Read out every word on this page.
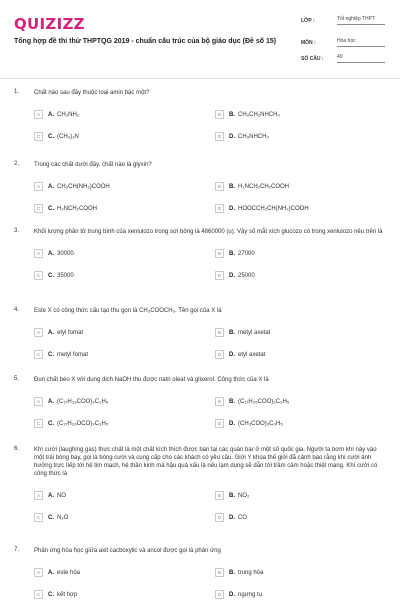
QUIZIZZ
Tổng hợp đề thi thử THPTQG 2019 - chuẩn cấu trúc của bộ giáo dục (Đề số 15)
LỚP :	Tốt nghiệp THPT
MÔN :	Hóa học
SỐ CÂU :	40
1. Chất nào sau đây thuộc loại amin bậc một?
A	A. CH₃NH₂	B	B. CH₃CH₂NHCH₃
C	C. (CH₃)₃N	D	D. CH₃NHCH₃
2. Trong các chất dưới đây, chất nào là glyxin?
A	A. CH₃CH(NH₂)COOH	B	B. H₂NCH₂CH₂COOH
C	C. H₂NCH₂COOH	D	D. HOOCCH₂CH(NH₂)COOH
3. Khối lượng phân tử trung bình của xenlulozo trong sợi bông là 4860000 (u). Vậy số mắt xích glucozo có trong xenlulozo nêu trên là
A	A. 30000	B	B. 27000
C	C. 35000	D	D. 25000
4. Este X có công thức cấu tạo thu gọn là CH₃COOCH₃. Tên gọi của X là
A	A. etyl fomat	B	B. metyl axetat
C	C. metyl fomat	D	D. etyl axetat
5. Đun chất béo X với dung dịch NaOH thu được natri oleat và glixerol. Công thức của X là
A	A. (C₁₇H₃₃COO)₃C₃H₅	B	B. (C₁₇H₃₅COO)₃C₃H₅
C	C. (C₁₇H₃₃OCO)₃C₃H₅	D	D. (CH₃COO)₃C₃H₅
6. Khí cười (laughing gas) thực chất là một chất kích thích được bán tại các quán bar ở một số quốc gia. Người ta bơm khí này vào một trái bóng bay, gọi là bóng cười và cung cấp cho các khách có yêu cầu. Giới Y khoa thế giới đã cảnh báo rằng khí cười ảnh hưởng trực tiếp tới hệ tim mạch, hệ thần kinh mà hậu quả xấu là nếu lạm dụng sẽ dẫn tới trầm cảm hoặc thiệt mạng. Khí cười có công thức là
A	A. NO	B	B. NO₂
C	C. N₂O	D	D. CO
7. Phản ứng hóa học giữa axit cacboxylic và ancol được gọi là phản ứng
A	A. este hóa	B	B. trung hòa
C	C. kết hợp	D	D. ngưng tụ
